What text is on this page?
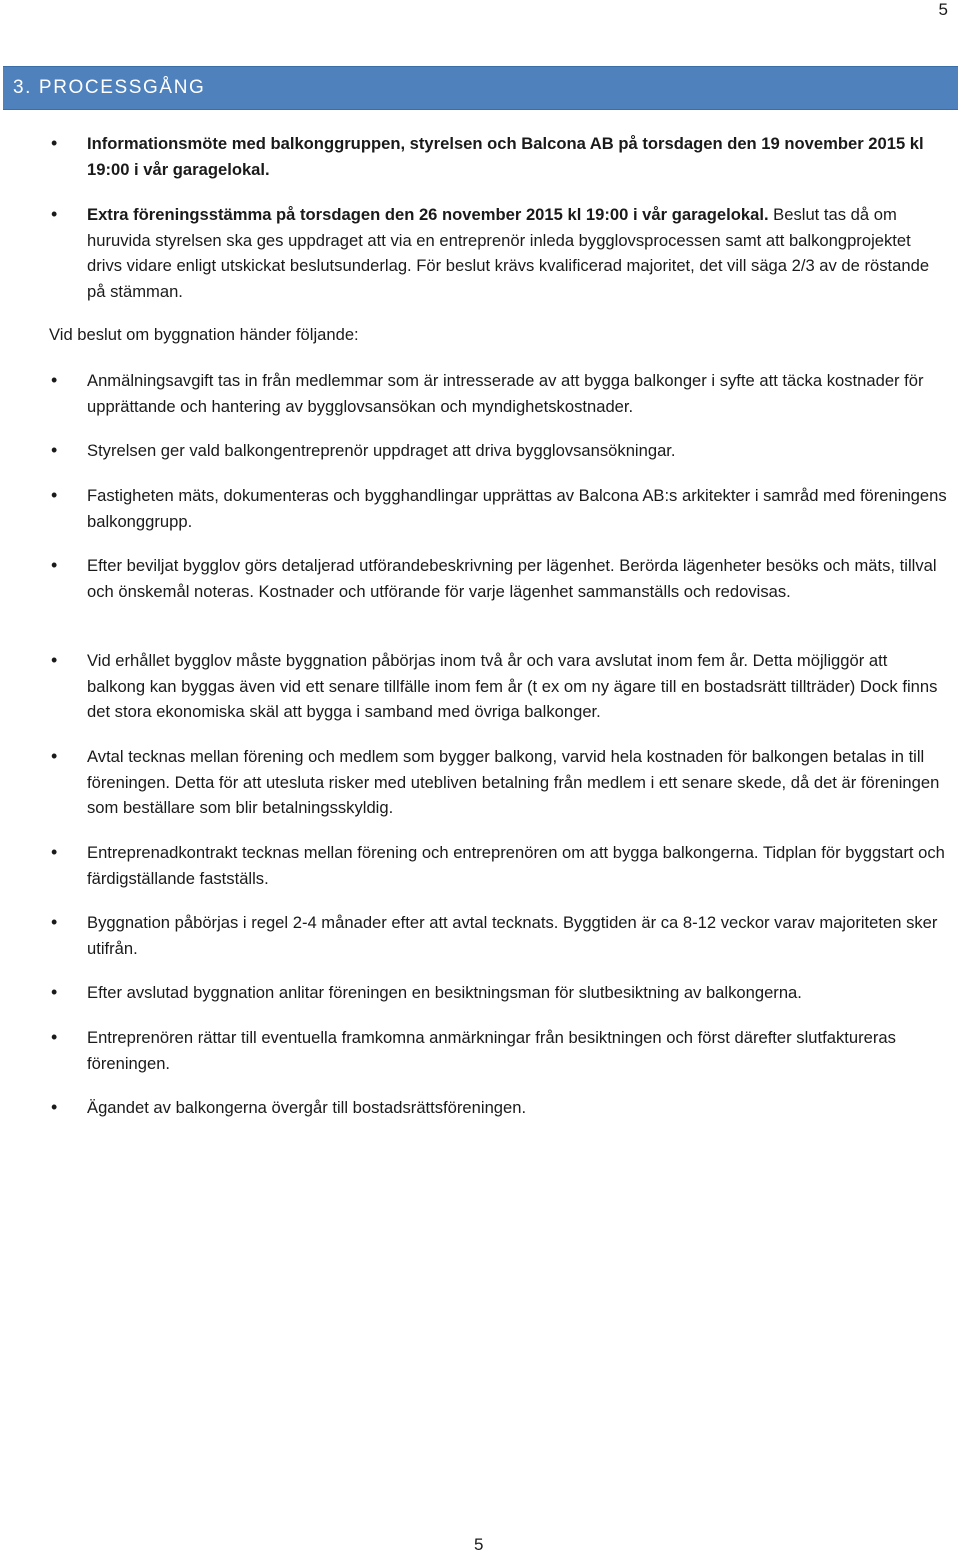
5
3. PROCESSGÅNG
•	Informationsmöte med balkonggruppen, styrelsen och Balcona AB på torsdagen den 19 november 2015 kl 19:00 i vår garagelokal.
•	Extra föreningsstämma på torsdagen den 26 november 2015 kl 19:00 i vår garagelokal. Beslut tas då om huruvida styrelsen ska ges uppdraget att via en entreprenör inleda bygglovsprocessen samt att balkongprojektet drivs vidare enligt utskickat beslutsunderlag. För beslut krävs kvalificerad majoritet, det vill säga 2/3 av de röstande på stämman.
Vid beslut om byggnation händer följande:
•	Anmälningsavgift tas in från medlemmar som är intresserade av att bygga balkonger i syfte att täcka kostnader för upprättande och hantering av bygglovsansökan och myndighetskostnader.
•	Styrelsen ger vald balkongentreprenör uppdraget att driva bygglovsansökningar.
•	Fastigheten mäts, dokumenteras och bygghandlingar upprättas av Balcona AB:s arkitekter i samråd med föreningens balkonggrupp.
•	Efter beviljat bygglov görs detaljerad utförandebeskrivning per lägenhet. Berörda lägenheter besöks och mäts, tillval och önskemål noteras. Kostnader och utförande för varje lägenhet sammanställs och redovisas.
•	Vid erhållet bygglov måste byggnation påbörjas inom två år och vara avslutat inom fem år. Detta möjliggör att balkong kan byggas även vid ett senare tillfälle inom fem år (t ex om ny ägare till en bostadsrätt tillträder) Dock finns det stora ekonomiska skäl att bygga i samband med övriga balkonger.
•	Avtal tecknas mellan förening och medlem som bygger balkong, varvid hela kostnaden för balkongen betalas in till föreningen. Detta för att utesluta risker med utebliven betalning från medlem i ett senare skede, då det är föreningen som beställare som blir betalningsskyldig.
•	Entreprenadkontrakt tecknas mellan förening och entreprenören om att bygga balkongerna. Tidplan för byggstart och färdigställande fastställs.
•	Byggnation påbörjas i regel 2-4 månader efter att avtal tecknats. Byggtiden är ca 8-12 veckor varav majoriteten sker utifrån.
•	Efter avslutad byggnation anlitar föreningen en besiktningsman för slutbesiktning av balkongerna.
•	Entreprenören rättar till eventuella framkomna anmärkningar från besiktningen och först därefter slutfaktureras föreningen.
•	Ägandet av balkongerna övergår till bostadsrättsföreningen.
5
